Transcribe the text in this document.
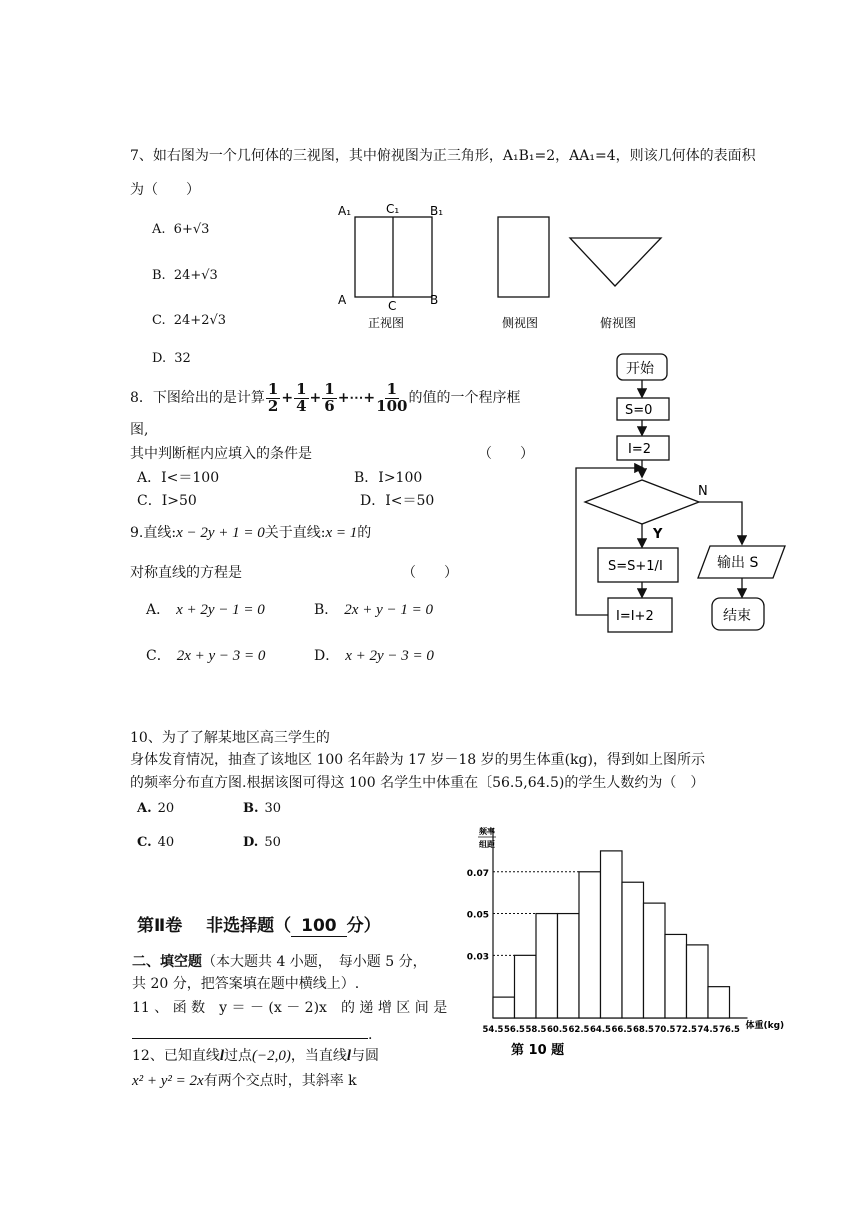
7、如右图为一个几何体的三视图，其中俯视图为正三角形，A₁B₁=2，AA₁=4，则该几何体的表面积
为（　　）
A. 6+√3
B. 24+√3
C. 24+2√3
D. 32
A₁	C₁	B₁
A	C	B
正视图	侧视图	俯视图
8．下图给出的是计算 $\frac{1}{2} + \frac{1}{4} + \frac{1}{6}$ +⋯+ $\frac{1}{100}$ 的值的一个程序框
图,
其中判断框内应填入的条件是	（　　）
A．I<＝100	B．I>100
C．I>50	D．I<＝50
开始
S=0
I=2
N
Y
S=S+1/I	输出 S
I=I+2	结束
9.直线:x − 2y + 1 = 0关于直线:x = 1的
对称直线的方程是	（　　）
A． x + 2y − 1 = 0	B． 2x + y − 1 = 0
C． 2x + y − 3 = 0	D． x + 2y − 3 = 0
10、为了了解某地区高三学生的
身体发育情况，抽查了该地区 100 名年龄为 17 岁－18 岁的男生体重(kg)，得到如上图所示
的频率分布直方图.根据该图可得这 100 名学生中体重在〔56.5,64.5)的学生人数约为（　）
A. 20	B. 30
C. 40	D. 50
0.03
0.05
0.07
54.5 56.5 58.5 60.5 62.5 64.5 66.5 68.5 70.5 72.5 74.5 76.5
频率
组距
体重(kg)
第 10 题
第Ⅱ卷 非选择题（ 100 分）
二、填空题（本大题共 4 小题，　每小题 5 分，
共 20 分，把答案填在题中横线上）.
11 、 函 数　y ＝ － (x － 2)x　的 递 增 区 间 是
.
12、已知直线l过点(−2,0)，当直线l与圆
x² + y² = 2x有两个交点时，其斜率 k
